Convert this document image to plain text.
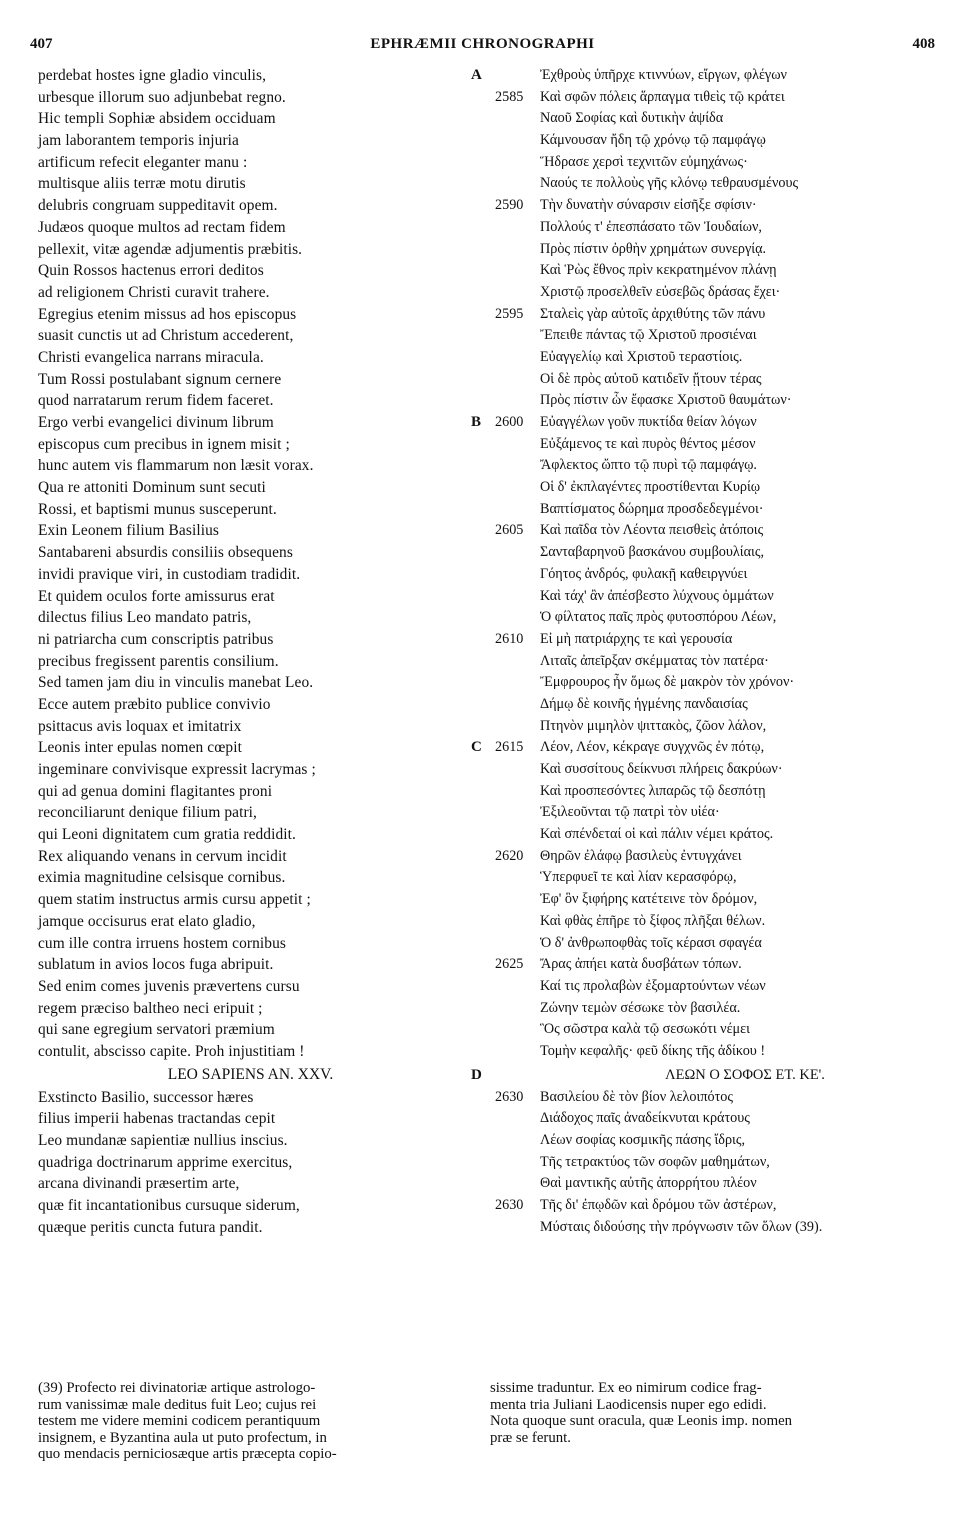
407	EPHRÆMII CHRONOGRAPHI	408
perdebat hostes igne gladio vinculis,
urbesque illorum suo adjunbebat regno.
Hic templi Sophiæ absidem occiduam
jam laborantem temporis injuria
artificum refecit eleganter manu :
multisque aliis terræ motu dirutis
delubris congruam suppeditavit opem.
Judæos quoque multos ad rectam fidem
pellexit, vitæ agendæ adjumentis præbitis.
Quin Rossos hactenus errori deditos
ad religionem Christi curavit trahere.
Egregius etenim missus ad hos episcopus
suasit cunctis ut ad Christum accederent,
Christi evangelica narrans miracula.
Tum Rossi postulabant signum cernere
quod narratarum rerum fidem faceret.
Ergo verbi evangelici divinum librum
episcopus cum precibus in ignem misit ;
hunc autem vis flammarum non læsit vorax.
Qua re attoniti Dominum sunt secuti
Rossi, et baptismi munus susceperunt.
Exin Leonem filium Basilius
Santabareni absurdis consiliis obsequens
invidi pravique viri, in custodiam tradidit.
Et quidem oculos forte amissurus erat
dilectus filius Leo mandato patris,
ni patriarcha cum conscriptis patribus
precibus fregissent parentis consilium.
Sed tamen jam diu in vinculis manebat Leo.
Ecce autem præbito publice convivio
psittacus avis loquax et imitatrix
Leonis inter epulas nomen cœpit
ingeminare convivisque expressit lacrymas ;
qui ad genua domini flagitantes proni
reconciliarunt denique filium patri,
qui Leoni dignitatem cum gratia reddidit.
Rex aliquando venans in cervum incidit
eximia magnitudine celsisque cornibus.
quem statim instructus armis cursu appetit ;
jamque occisurus erat elato gladio,
cum ille contra irruens hostem cornibus
sublatum in avios locos fuga abripuit.
Sed enim comes juvenis prævertens cursu
regem præciso baltheo neci eripuit ;
qui sane egregium servatori præmium
contulit, abscisso capite. Proh injustitiam !
LEO SAPIENS AN. XXV.
Exstincto Basilio, successor hæres
filius imperii habenas tractandas cepit
Leo mundanæ sapientiæ nullius inscius.
quadriga doctrinarum apprime exercitus,
arcana divinandi præsertim arte,
quæ fit incantationibus cursuque siderum,
quæque peritis cuncta futura pandit.
A	Ἐχθροὺς ὑπῆρχε κτιννύων, εἴργων, φλέγων
2585	Καὶ σφῶν πόλεις ἅρπαγμα τιθεὶς τῷ κράτει
Ναοῦ Σοφίας καὶ δυτικὴν ἀψίδα
Κάμνουσαν ἤδη τῷ χρόνῳ τῷ παμφάγῳ
Ἥδρασε χερσὶ τεχνιτῶν εὐμηχάνως·
Ναούς τε πολλοὺς γῆς κλόνῳ τεθραυσμένους
2590	Τὴν δυνατὴν σύναρσιν εἰσῆξε σφίσιν·
Πολλούς τ' ἐπεσπάσατο τῶν Ἰουδαίων,
Πρὸς πίστιν ὀρθὴν χρημάτων συνεργίᾳ.
Καὶ Ῥὼς ἔθνος πρὶν κεκρατημένον πλάνῃ
Χριστῷ προσελθεῖν εὐσεβῶς δράσας ἔχει·
2595	Σταλεὶς γὰρ αὐτοῖς ἀρχιθύτης τῶν πάνυ
Ἔπειθε πάντας τῷ Χριστοῦ προσιέναι
Εὐαγγελίῳ καὶ Χριστοῦ τεραστίοις.
Οἱ δὲ πρὸς αὐτοῦ κατιδεῖν ᾔτουν τέρας
Πρὸς πίστιν ὧν ἔφασκε Χριστοῦ θαυμάτων·
B 2600	Εὐαγγέλων γοῦν πυκτίδα θείαν λόγων
Εὐξάμενος τε καὶ πυρὸς θέντος μέσον
Ἄφλεκτος ὤπτο τῷ πυρὶ τῷ παμφάγῳ.
Οἱ δ' ἐκπλαγέντες προστίθενται Κυρίῳ
Βαπτίσματος δώρημα προσδεδεγμένοι·
2605	Καὶ παῖδα τὸν Λέοντα πεισθεὶς ἀτόποις
Σανταβαρηνοῦ βασκάνου συμβουλίαις,
Γόητος ἀνδρός, φυλακῇ καθειργνύει
Καὶ τάχ' ἂν ἀπέσβεστο λύχνους ὀμμάτων
Ὁ φίλτατος παῖς πρὸς φυτοσπόρου Λέων,
2610	Εἰ μὴ πατριάρχης τε καὶ γερουσία
Λιταῖς ἀπεῖρξαν σκέμματας τὸν πατέρα·
Ἔμφρουρος ἦν ὅμως δὲ μακρὸν τὸν χρόνον·
Δήμῳ δὲ κοινῆς ἡγμένης πανδαισίας
Πτηνὸν μιμηλὸν ψιττακὸς, ζῶον λάλον,
C 2615	Λέον, Λέον, κέκραγε συγχνῶς ἐν πότῳ,
Καὶ συσσίτους δείκνυσι πλήρεις δακρύων·
Καὶ προσπεσόντες λιπαρῶς τῷ δεσπότῃ
Ἐξιλεοῦνται τῷ πατρὶ τὸν υἱέα·
Καὶ σπένδεταί οἱ καὶ πάλιν νέμει κράτος.
2620	Θηρῶν ἐλάφῳ βασιλεὺς ἐντυγχάνει
Ὑπερφυεῖ τε καὶ λίαν κερασφόρῳ,
Ἐφ' ὃν ξιφήρης κατέτεινε τὸν δρόμον,
Καὶ φθὰς ἐπῆρε τὸ ξίφος πλῆξαι θέλων.
Ὁ δ' ἀνθρωποφθὰς τοῖς κέρασι σφαγέα
2625	Ἄρας ἀπήει κατὰ δυσβάτων τόπων.
Καί τις προλαβὼν ἐξομαρτούντων νέων
Ζώνην τεμὼν σέσωκε τὸν βασιλέα.
Ὃς σῶστρα καλὰ τῷ σεσωκότι νέμει
Τομὴν κεφαλῆς· φεῦ δίκης τῆς ἀδίκου !
D	ΛΕΩΝ Ο ΣΟΦΟΣ ΕΤ. ΚΕ'.
2630	Βασιλείου δὲ τὸν βίον λελοιπότος
Διάδοχος παῖς ἀναδείκνυται κράτους
Λέων σοφίας κοσμικῆς πάσης ἴδρις,
Τῆς τετρακτύος τῶν σοφῶν μαθημάτων,
Θαὶ μαντικῆς αὐτῆς ἀπορρήτου πλέον
2630	Τῆς δι' ἐπῳδῶν καὶ δρόμου τῶν ἀστέρων,
Μύσταις διδούσης τὴν πρόγνωσιν τῶν ὅλων (39).
(39) Profecto rei divinatoriæ artique astrologo-
rum vanissimæ male deditus fuit Leo; cujus rei
testem me videre memini codicem perantiquum
insignem, e Byzantina aula ut puto profectum, in
quo mendacis perniciosæque artis præcepta copio-
sissime traduntur. Ex eo nimirum codice frag-
menta tria Juliani Laodicensis nuper ego edidi.
Nota quoque sunt oracula, quæ Leonis imp. nomen
præ se ferunt.
